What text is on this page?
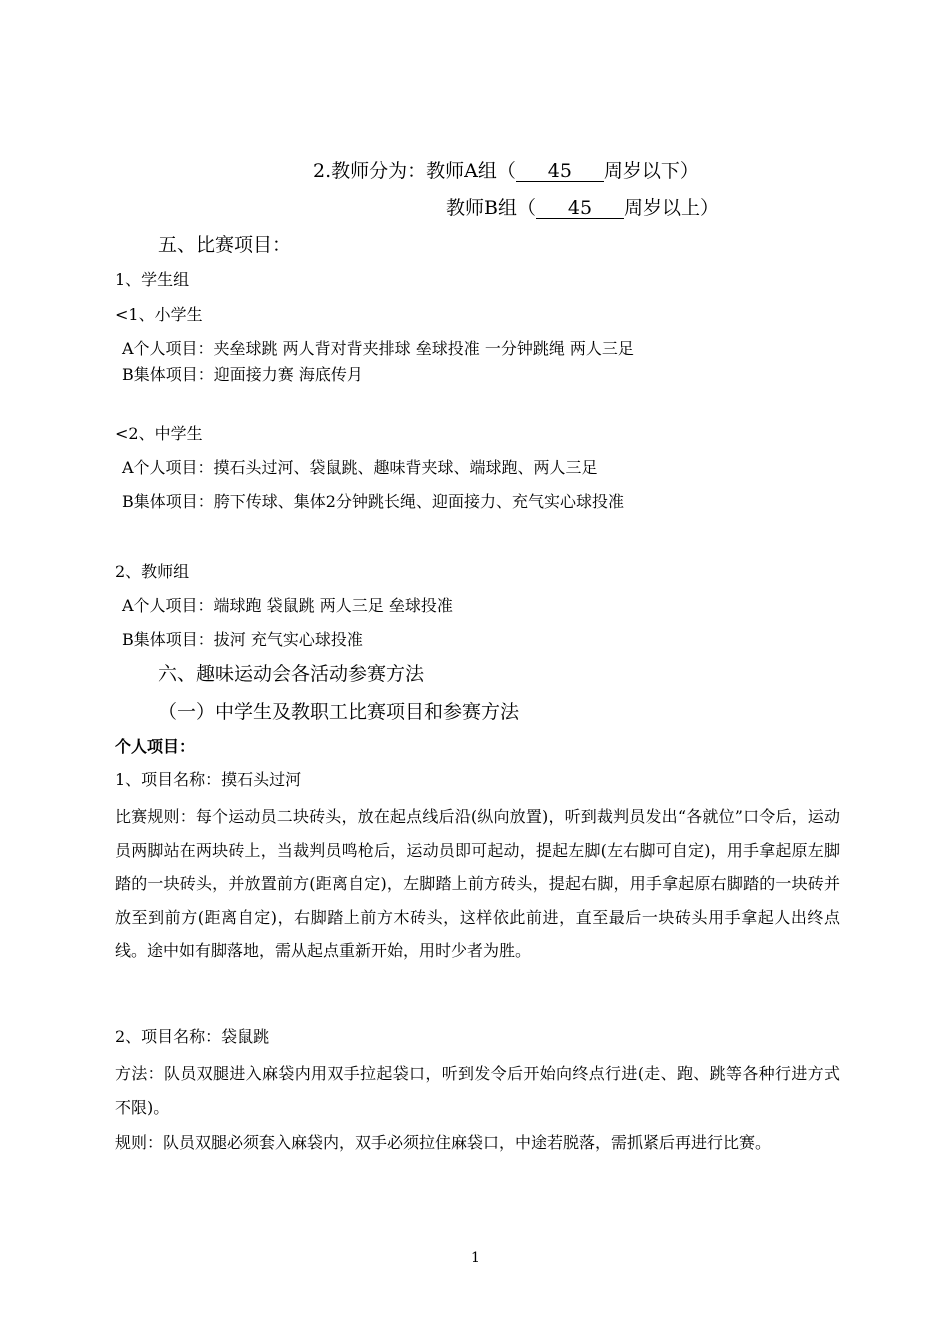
2.教师分为：教师A组（ 45 周岁以下）
教师B组（ 45 周岁以上）
五、比赛项目：
1、学生组
<1、小学生
A个人项目：夹垒球跳 两人背对背夹排球 垒球投准 一分钟跳绳 两人三足
B集体项目：迎面接力赛 海底传月
<2、中学生
A个人项目：摸石头过河、袋鼠跳、趣味背夹球、端球跑、两人三足
B集体项目：胯下传球、集体2分钟跳长绳、迎面接力、充气实心球投准
2、教师组
A个人项目：端球跑 袋鼠跳 两人三足 垒球投准
B集体项目：拔河 充气实心球投准
六、趣味运动会各活动参赛方法
（一）中学生及教职工比赛项目和参赛方法
个人项目：
1、项目名称：摸石头过河
比赛规则：每个运动员二块砖头，放在起点线后沿(纵向放置)，听到裁判员发出“各就位”口令后，运动员两脚站在两块砖上，当裁判员鸣枪后，运动员即可起动，提起左脚(左右脚可自定)，用手拿起原左脚踏的一块砖头，并放置前方(距离自定)，左脚踏上前方砖头，提起右脚，用手拿起原右脚踏的一块砖并放至到前方(距离自定)，右脚踏上前方木砖头，这样依此前进，直至最后一块砖头用手拿起人出终点线。途中如有脚落地，需从起点重新开始，用时少者为胜。
2、项目名称：袋鼠跳
方法：队员双腿进入麻袋内用双手拉起袋口，听到发令后开始向终点行进(走、跑、跳等各种行进方式不限)。
规则：队员双腿必须套入麻袋内，双手必须拉住麻袋口，中途若脱落，需抓紧后再进行比赛。
1
